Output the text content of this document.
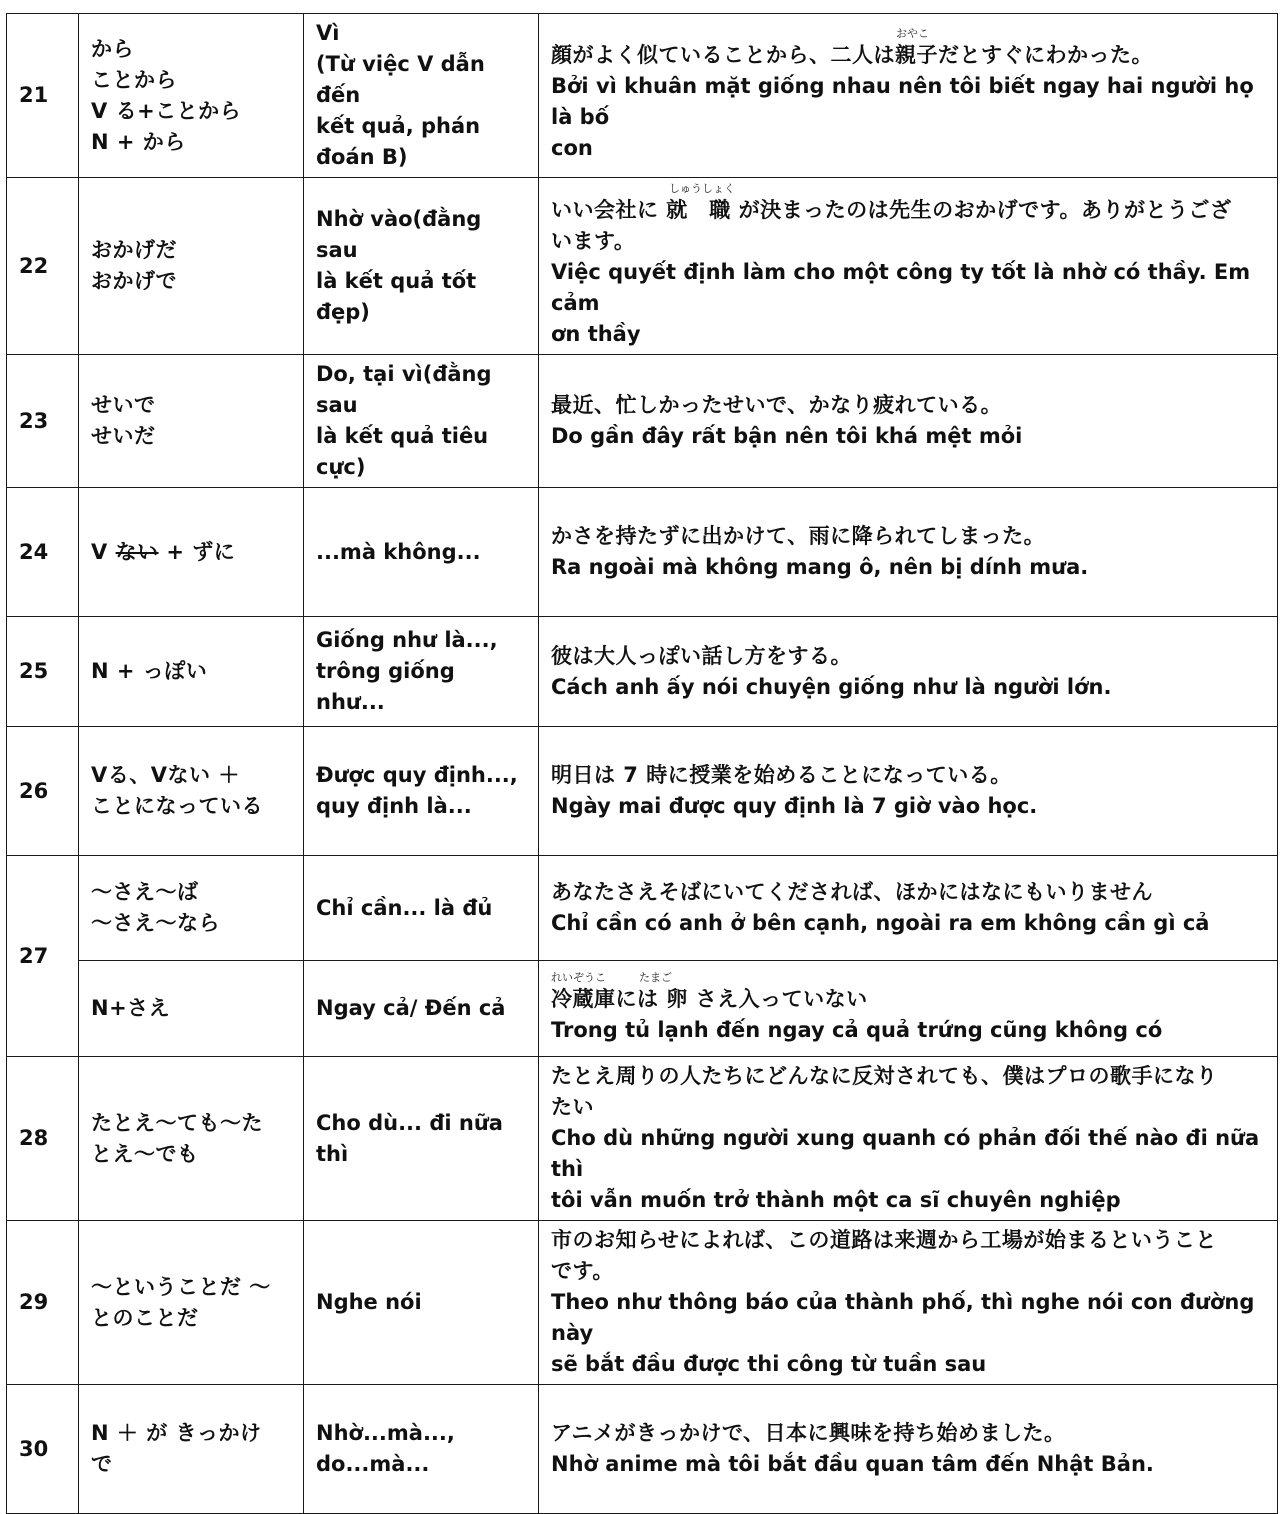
21	から
ことから
V る+ことから
N + から	Vì
(Từ việc V dẫn đến
kết quả, phán
đoán B)	おやこ
顔がよく似ていることから、二人は親子だとすぐにわかった。
Bởi vì khuân mặt giống nhau nên tôi biết ngay hai người họ là bố
con

22	おかげだ
おかげで	Nhờ vào(đằng sau
là kết quả tốt đẹp)	しゅうしょく
いい会社に 就　職 が決まったのは先生のおかげです。ありがとうござ
います。
Việc quyết định làm cho một công ty tốt là nhờ có thầy. Em cảm
ơn thầy

23	せいで
せいだ	Do, tại vì(đằng sau
là kết quả tiêu cực)	最近、忙しかったせいで、かなり疲れている。
Do gần đây rất bận nên tôi khá mệt mỏi

24	V ない + ずに	...mà không...	かさを持たずに出かけて、雨に降られてしまった。
Ra ngoài mà không mang ô, nên bị dính mưa.

25	N + っぽい	Giống như là...,
trông giống như...	彼は大人っぽい話し方をする。
Cách anh ấy nói chuyện giống như là người lớn.

26	Vる、Vない ＋
ことになっている	Được quy định...,
quy định là...	明日は 7 時に授業を始めることになっている。
Ngày mai được quy định là 7 giờ vào học.

27	～さえ～ば
～さえ～なら	Chỉ cần... là đủ	あなたさえそばにいてくだされば、ほかにはなにもいりません
Chỉ cần có anh ở bên cạnh, ngoài ra em không cần gì cả

	N+さえ	Ngay cả/ Đến cả	れいぞうこ　　　たまご
冷蔵庫には 卵 さえ入っていない
Trong tủ lạnh đến ngay cả quả trứng cũng không có

28	たとえ～ても～た
とえ～でも	Cho dù... đi nữa thì	たとえ周りの人たちにどんなに反対されても、僕はプロの歌手になり
たい
Cho dù những người xung quanh có phản đối thế nào đi nữa thì
tôi vẫn muốn trở thành một ca sĩ chuyên nghiệp

29	～ということだ ～
とのことだ	Nghe nói	市のお知らせによれば、この道路は来週から工場が始まるということ
です。
Theo như thông báo của thành phố, thì nghe nói con đường này
sẽ bắt đầu được thi công từ tuần sau

30	N ＋ が きっかけ
で	Nhờ...mà...,
do...mà...	アニメがきっかけで、日本に興味を持ち始めました。
Nhờ anime mà tôi bắt đầu quan tâm đến Nhật Bản.
